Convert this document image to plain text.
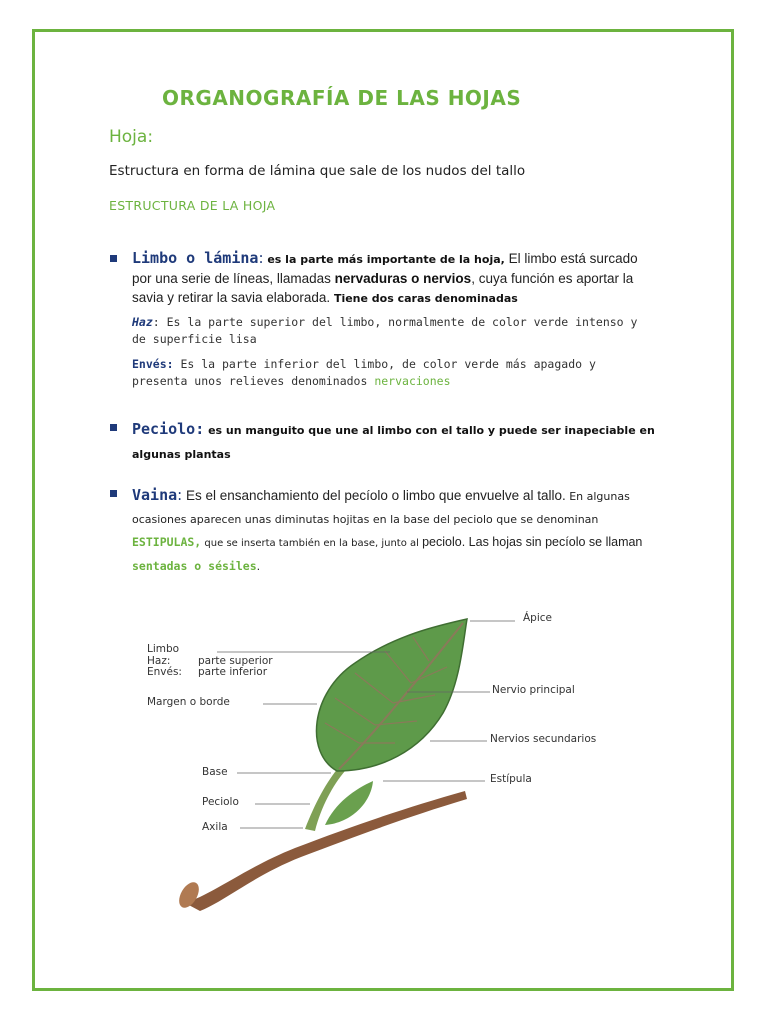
ORGANOGRAFÍA DE LAS HOJAS
Hoja:
Estructura en forma de lámina que sale de los nudos del tallo
ESTRUCTURA DE LA HOJA
Limbo o lámina: es la parte más importante de la hoja, El limbo está surcado por una serie de líneas, llamadas nervaduras o nervios, cuya función es aportar la savia y retirar la savia elaborada. Tiene dos caras denominadas
Haz: Es la parte superior del limbo, normalmente de color verde intenso y de superficie lisa
Envés: Es la parte inferior del limbo, de color verde más apagado y presenta unos relieves denominados nervaciones
Peciolo: es un manguito que une al limbo con el tallo y puede ser inapeciable en algunas plantas
Vaina: Es el ensanchamiento del pecíolo o limbo que envuelve al tallo. En algunas ocasiones aparecen unas diminutas hojitas en la base del peciolo que se denominan ESTIPULAS, que se inserta también en la base, junto al peciolo. Las hojas sin pecíolo se llaman sentadas o sésiles.
Limbo
Haz:	parte superior
Envés: parte inferior
Margen o borde
Base
Peciolo
Axila
Ápice
Nervio principal
Nervios secundarios
Estípula
